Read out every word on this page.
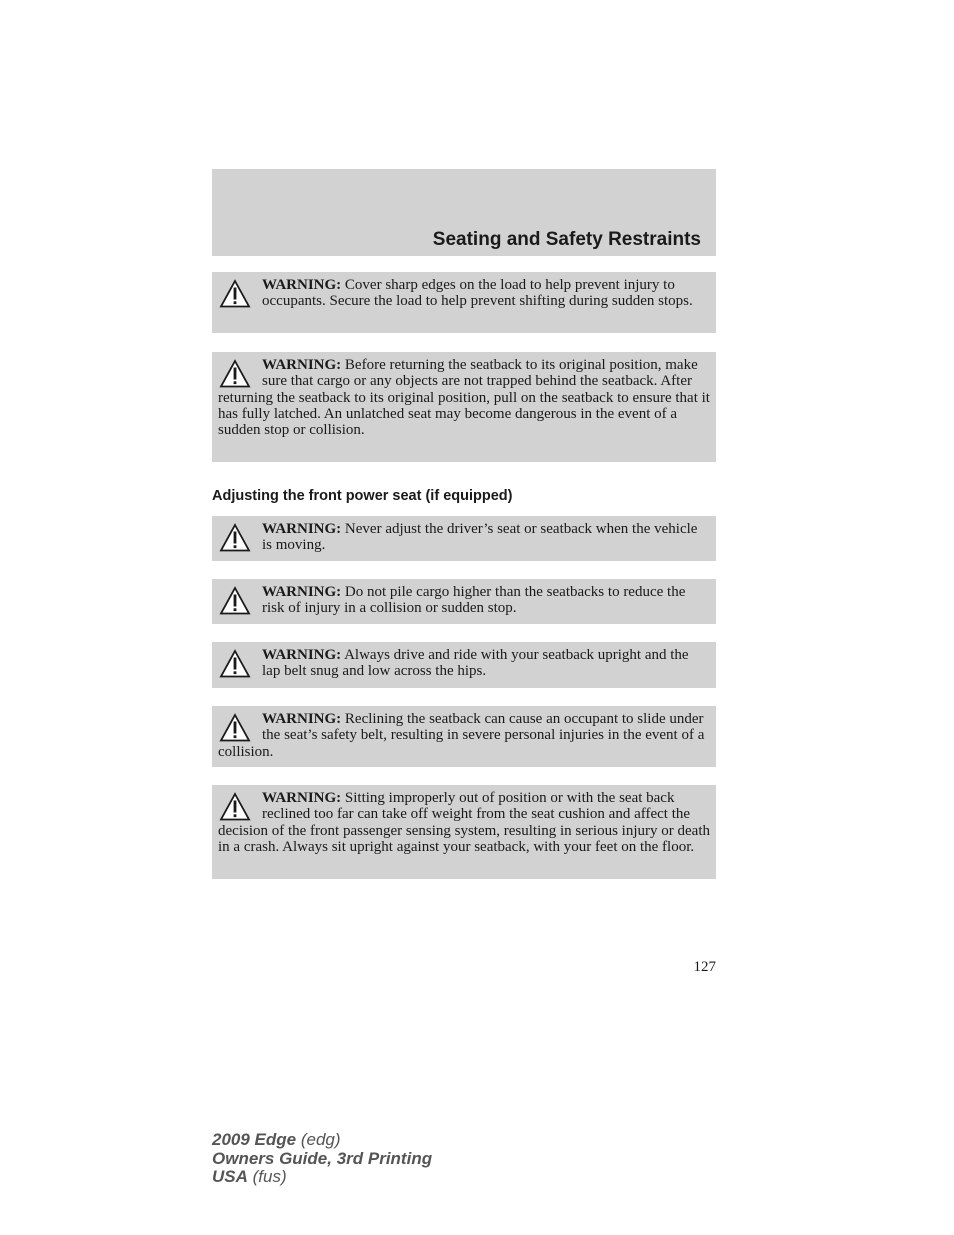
Seating and Safety Restraints
WARNING: Cover sharp edges on the load to help prevent injury to occupants. Secure the load to help prevent shifting during sudden stops.
WARNING: Before returning the seatback to its original position, make sure that cargo or any objects are not trapped behind the seatback. After returning the seatback to its original position, pull on the seatback to ensure that it has fully latched. An unlatched seat may become dangerous in the event of a sudden stop or collision.
Adjusting the front power seat (if equipped)
WARNING: Never adjust the driver’s seat or seatback when the vehicle is moving.
WARNING: Do not pile cargo higher than the seatbacks to reduce the risk of injury in a collision or sudden stop.
WARNING: Always drive and ride with your seatback upright and the lap belt snug and low across the hips.
WARNING: Reclining the seatback can cause an occupant to slide under the seat’s safety belt, resulting in severe personal injuries in the event of a collision.
WARNING: Sitting improperly out of position or with the seat back reclined too far can take off weight from the seat cushion and affect the decision of the front passenger sensing system, resulting in serious injury or death in a crash. Always sit upright against your seatback, with your feet on the floor.
127
2009 Edge (edg)
Owners Guide, 3rd Printing
USA (fus)
